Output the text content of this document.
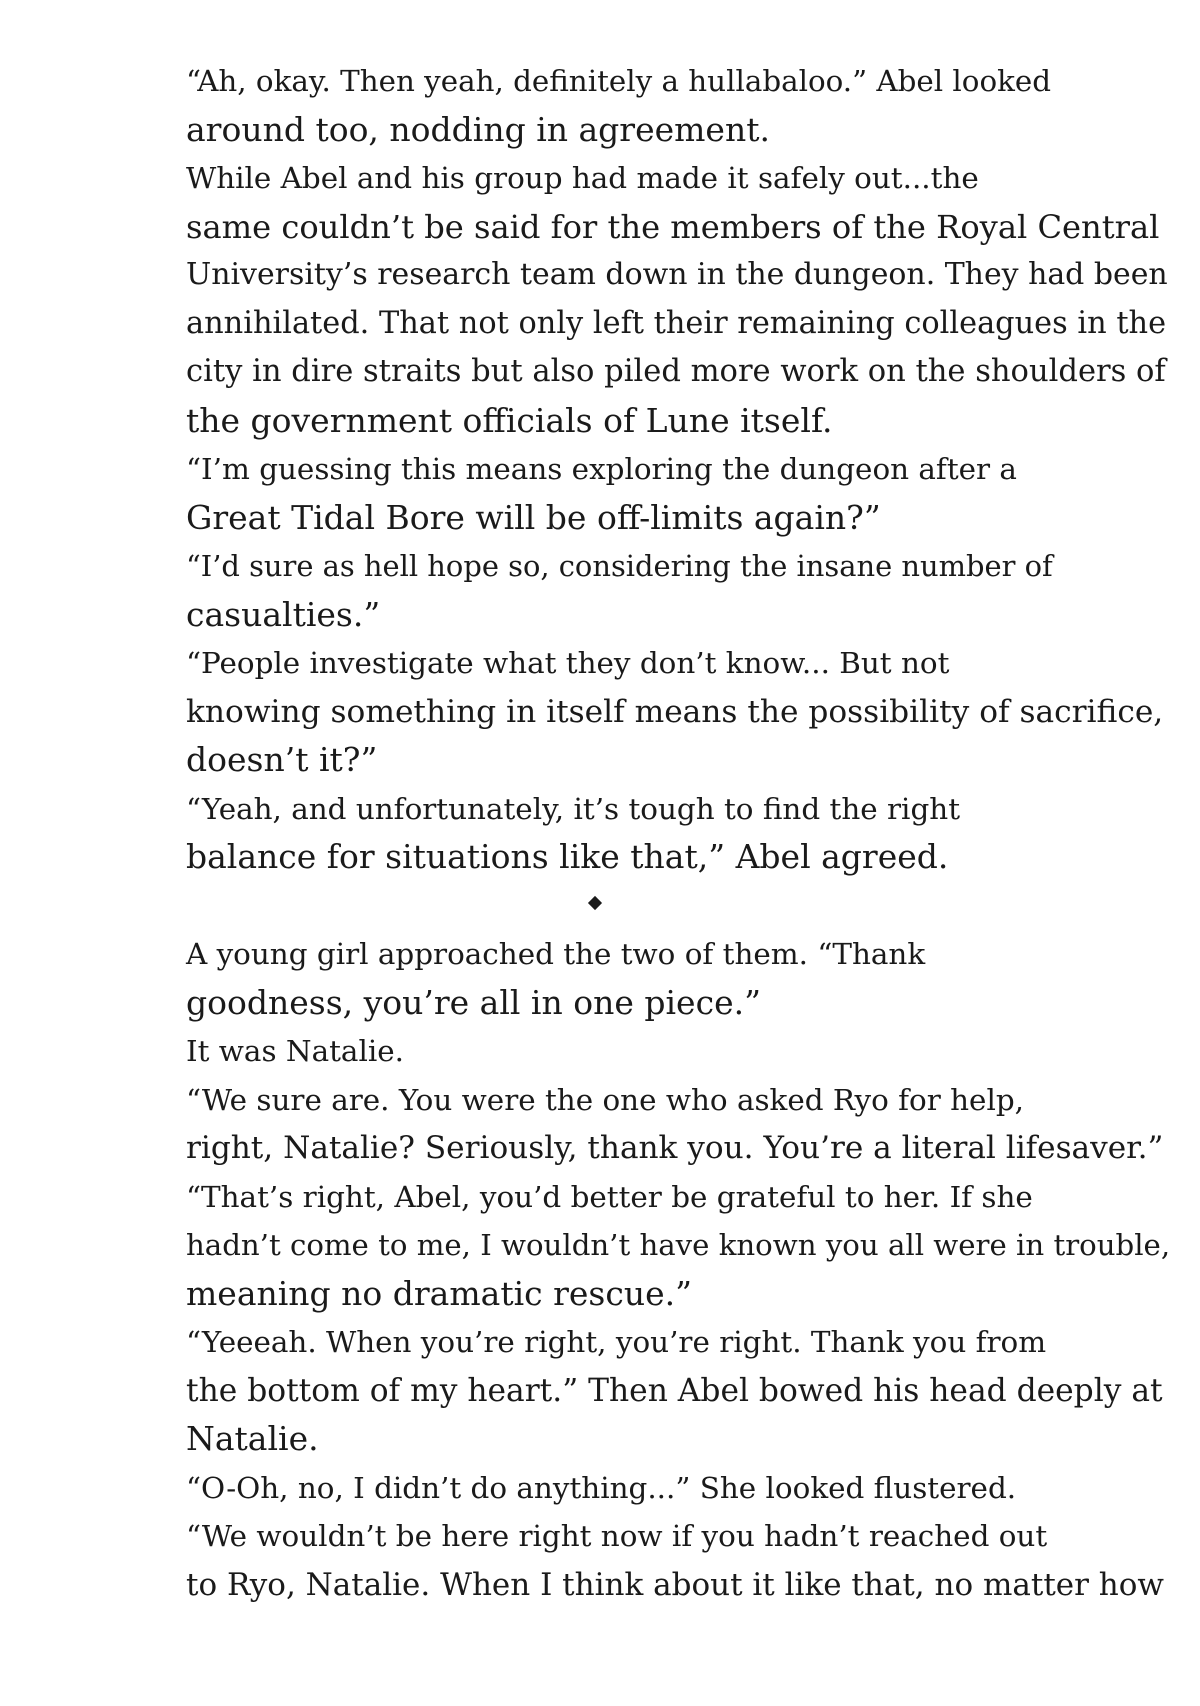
“Ah, okay. Then yeah, definitely a hullabaloo.” Abel looked
around too, nodding in agreement.

While Abel and his group had made it safely out...the
same couldn’t be said for the members of the Royal Central
University’s research team down in the dungeon. They had been
annihilated. That not only left their remaining colleagues in the
city in dire straits but also piled more work on the shoulders of
the government officials of Lune itself.

“I’m guessing this means exploring the dungeon after a
Great Tidal Bore will be off-limits again?”

“I’d sure as hell hope so, considering the insane number of
casualties.”

“People investigate what they don’t know... But not
knowing something in itself means the possibility of sacrifice,
doesn’t it?”

“Yeah, and unfortunately, it’s tough to find the right
balance for situations like that,” Abel agreed.

A young girl approached the two of them. “Thank
goodness, you’re all in one piece.”

It was Natalie.

“We sure are. You were the one who asked Ryo for help,
right, Natalie? Seriously, thank you. You’re a literal lifesaver.”

“That’s right, Abel, you’d better be grateful to her. If she
hadn’t come to me, I wouldn’t have known you all were in trouble,
meaning no dramatic rescue.”

“Yeeeah. When you’re right, you’re right. Thank you from
the bottom of my heart.” Then Abel bowed his head deeply at
Natalie.

“O-Oh, no, I didn’t do anything...” She looked flustered.

“We wouldn’t be here right now if you hadn’t reached out
to Ryo, Natalie. When I think about it like that, no matter how
